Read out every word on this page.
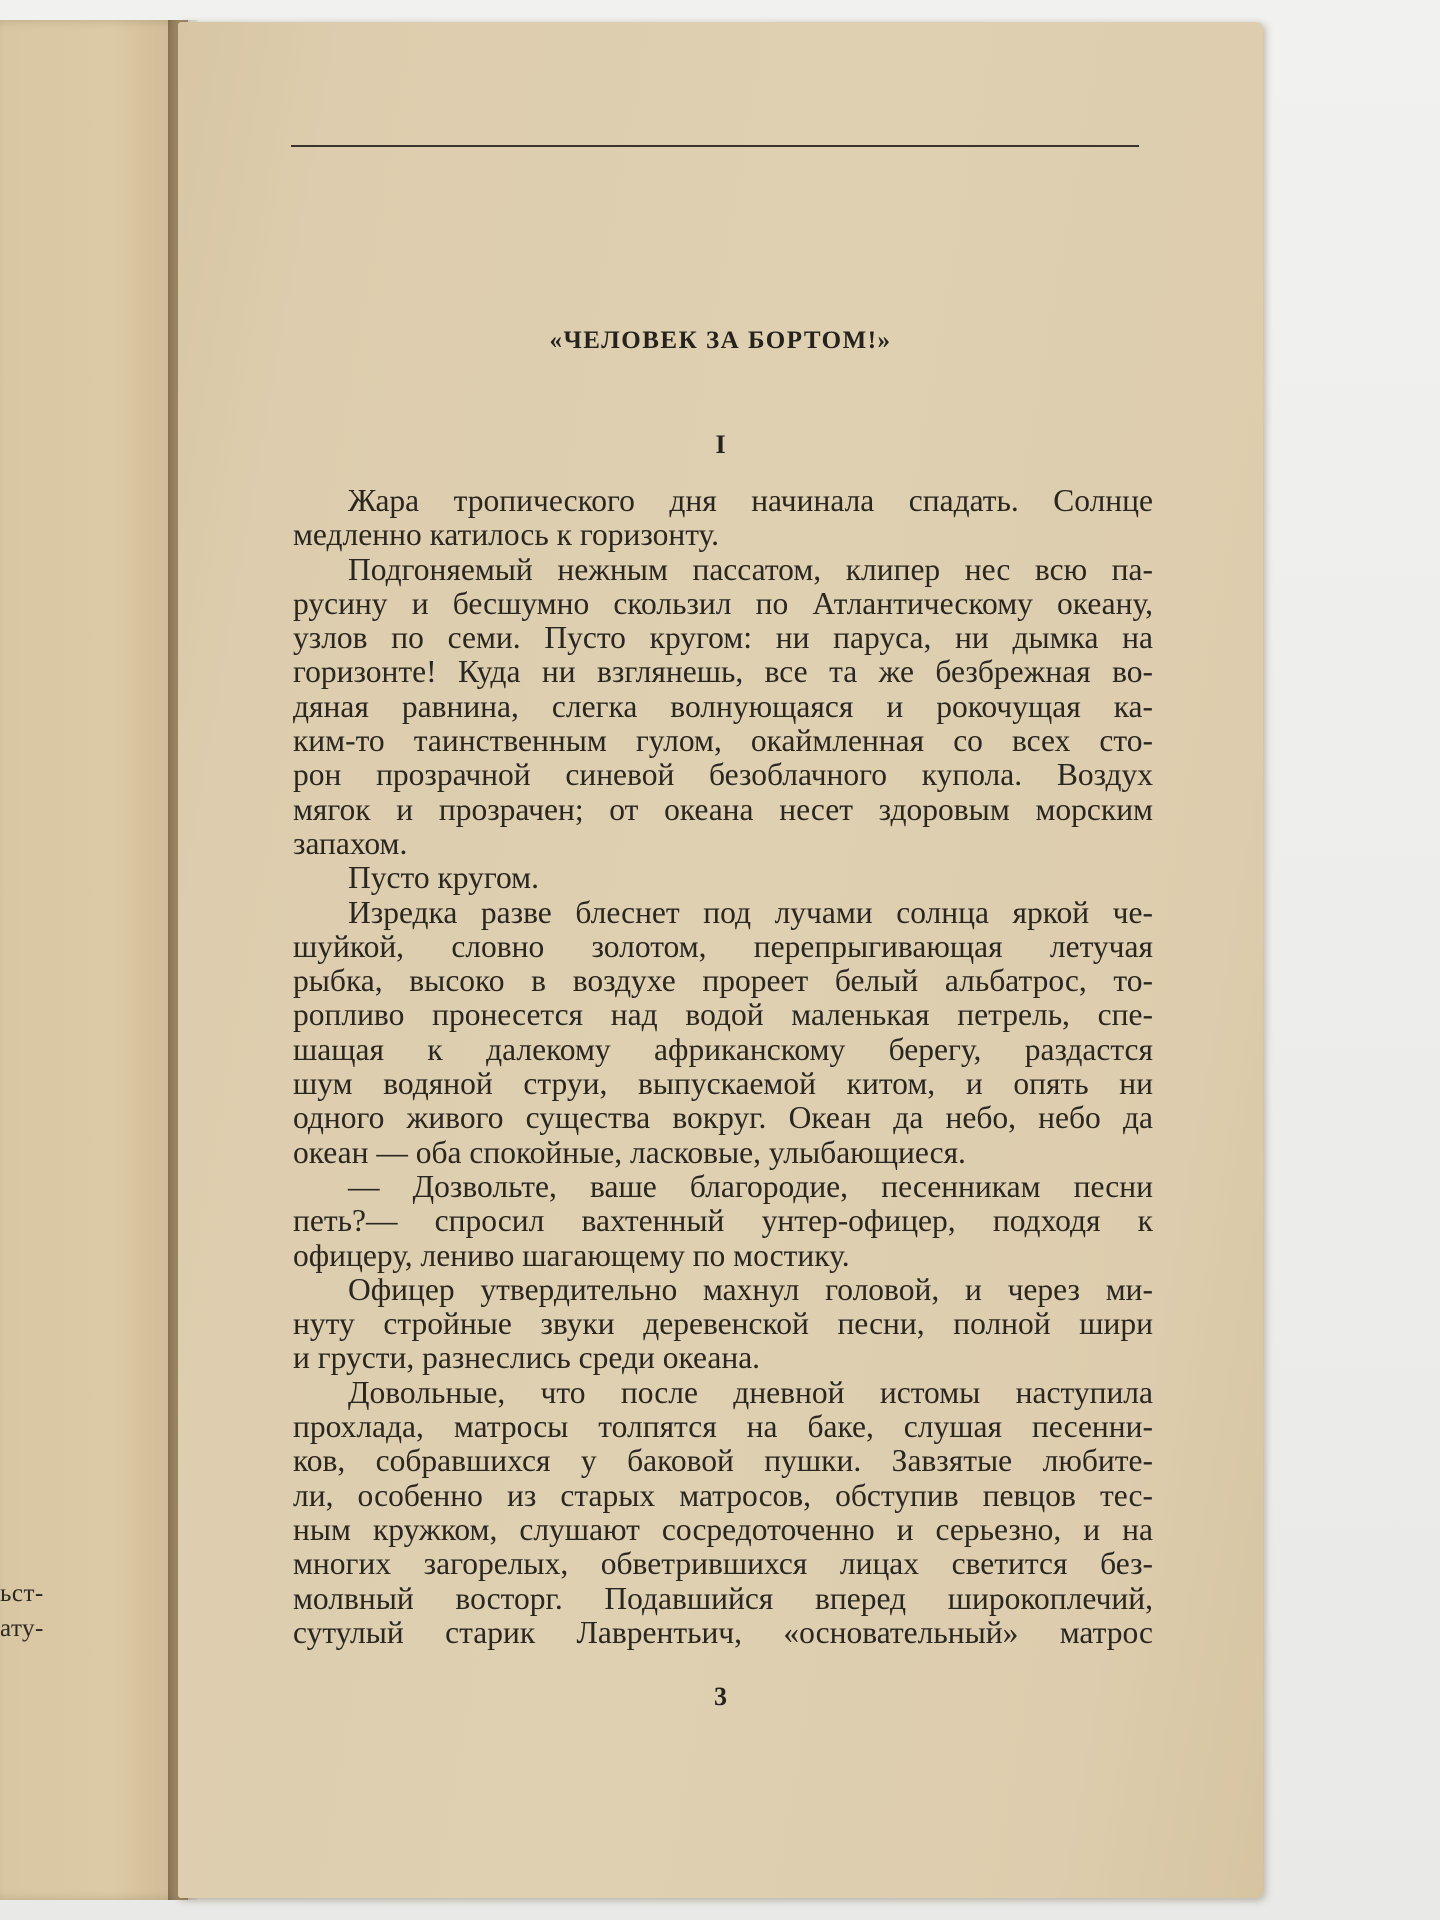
ьст-
ату-
«ЧЕЛОВЕК ЗА БОРТОМ!»
I
Жара тропического дня начинала спадать. Солнце
медленно катилось к горизонту.
Подгоняемый нежным пассатом, клипер нес всю па-
русину и бесшумно скользил по Атлантическому океану,
узлов по семи. Пусто кругом: ни паруса, ни дымка на
горизонте! Куда ни взглянешь, все та же безбрежная во-
дяная равнина, слегка волнующаяся и рокочущая ка-
ким-то таинственным гулом, окаймленная со всех сто-
рон прозрачной синевой безоблачного купола. Воздух
мягок и прозрачен; от океана несет здоровым морским
запахом.
Пусто кругом.
Изредка разве блеснет под лучами солнца яркой че-
шуйкой, словно золотом, перепрыгивающая летучая
рыбка, высоко в воздухе прореет белый альбатрос, то-
ропливо пронесется над водой маленькая петрель, спе-
шащая к далекому африканскому берегу, раздастся
шум водяной струи, выпускаемой китом, и опять ни
одного живого существа вокруг. Океан да небо, небо да
океан — оба спокойные, ласковые, улыбающиеся.
— Дозвольте, ваше благородие, песенникам песни
петь?— спросил вахтенный унтер-офицер, подходя к
офицеру, лениво шагающему по мостику.
Офицер утвердительно махнул головой, и через ми-
нуту стройные звуки деревенской песни, полной шири
и грусти, разнеслись среди океана.
Довольные, что после дневной истомы наступила
прохлада, матросы толпятся на баке, слушая песенни-
ков, собравшихся у баковой пушки. Завзятые любите-
ли, особенно из старых матросов, обступив певцов тес-
ным кружком, слушают сосредоточенно и серьезно, и на
многих загорелых, обветрившихся лицах светится без-
молвный восторг. Подавшийся вперед широкоплечий,
сутулый старик Лаврентьич, «основательный» матрос
3
